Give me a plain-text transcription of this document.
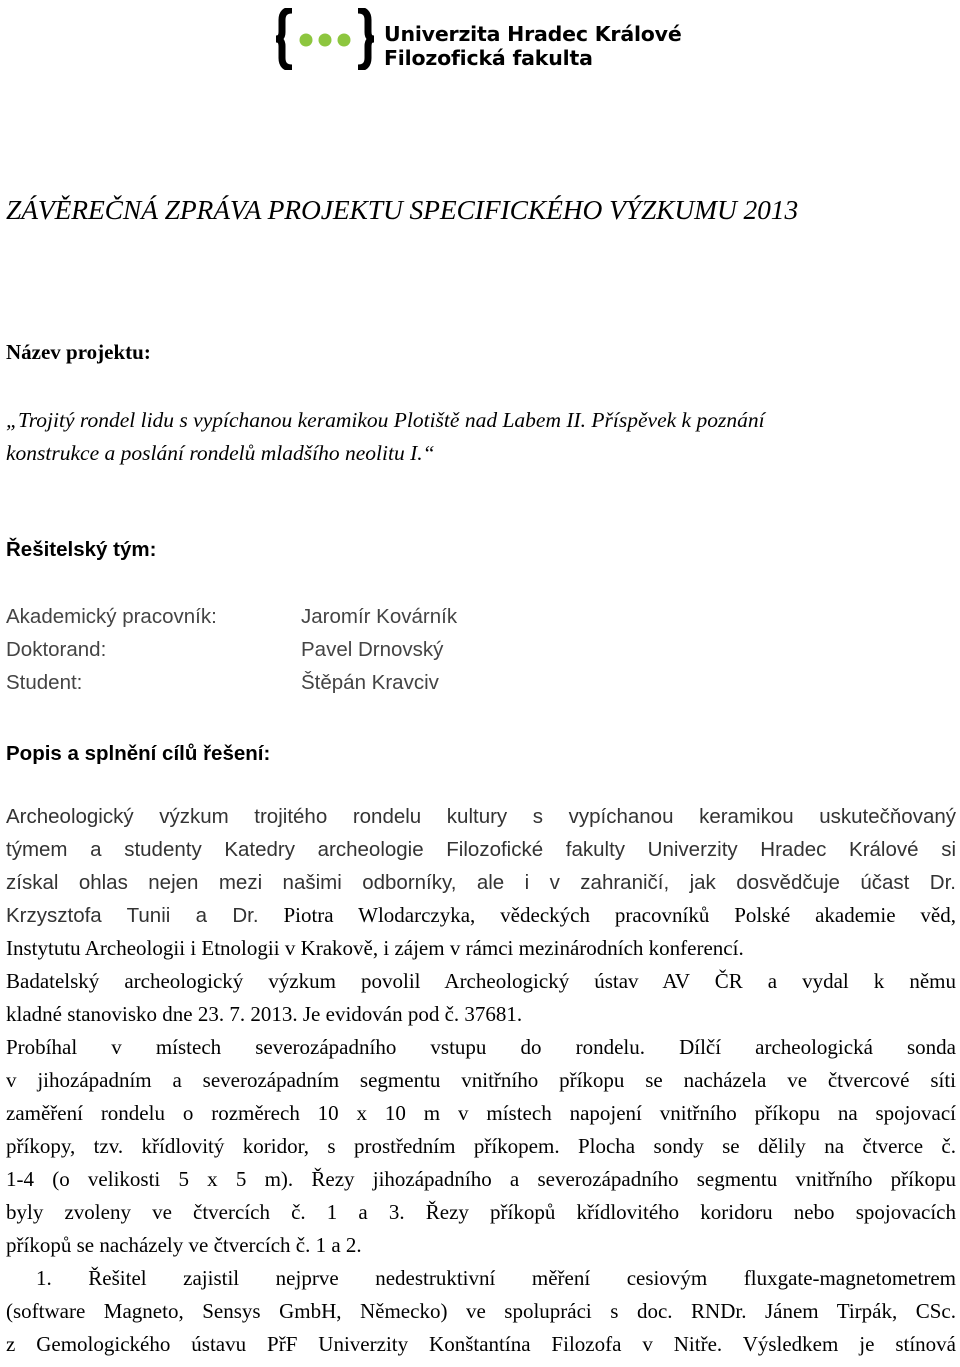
Univerzita Hradec Králové
Filozofická fakulta
ZÁVĚREČNÁ ZPRÁVA PROJEKTU SPECIFICKÉHO VÝZKUMU 2013
Název projektu:
„Trojitý rondel lidu s vypíchanou keramikou Plotiště nad Labem II. Příspěvek k poznání
konstrukce a poslání rondelů mladšího neolitu I.“
Řešitelský tým:
Akademický pracovník:	Jaromír Kovárník
Doktorand:	Pavel Drnovský
Student:	Štěpán Kravciv
Popis a splnění cílů řešení:
Archeologický výzkum trojitého rondelu kultury s vypíchanou keramikou uskutečňovaný
týmem a studenty Katedry archeologie Filozofické fakulty Univerzity Hradec Králové si
získal ohlas nejen mezi našimi odborníky, ale i v zahraničí, jak dosvědčuje účast Dr.
Krzysztofa Tunii a Dr. Piotra Wlodarczyka, vědeckých pracovníků Polské akademie věd,
Instytutu Archeologii i Etnologii v Krakově, i zájem v rámci mezinárodních konferencí.
Badatelský archeologický výzkum povolil Archeologický ústav AV ČR a vydal k němu
kladné stanovisko dne 23. 7. 2013. Je evidován pod č. 37681.
Probíhal v místech severozápadního vstupu do rondelu. Dílčí archeologická sonda
v jihozápadním a severozápadním segmentu vnitřního příkopu se nacházela ve čtvercové síti
zaměření rondelu o rozměrech 10 x 10 m v místech napojení vnitřního příkopu na spojovací
příkopy, tzv. křídlovitý koridor, s prostředním příkopem. Plocha sondy se dělily na čtverce č.
1-4 (o velikosti 5 x 5 m). Řezy jihozápadního a severozápadního segmentu vnitřního příkopu
byly zvoleny ve čtvercích č. 1 a 3. Řezy příkopů křídlovitého koridoru nebo spojovacích
příkopů se nacházely ve čtvercích č. 1 a 2.
1. Řešitel zajistil nejprve nedestruktivní měření cesiovým fluxgate-magnetometrem
(software Magneto, Sensys GmbH, Německo) ve spolupráci s doc. RNDr. Jánem Tirpák, CSc.
z Gemologického ústavu PřF Univerzity Konštantína Filozofa v Nitře. Výsledkem je stínová
